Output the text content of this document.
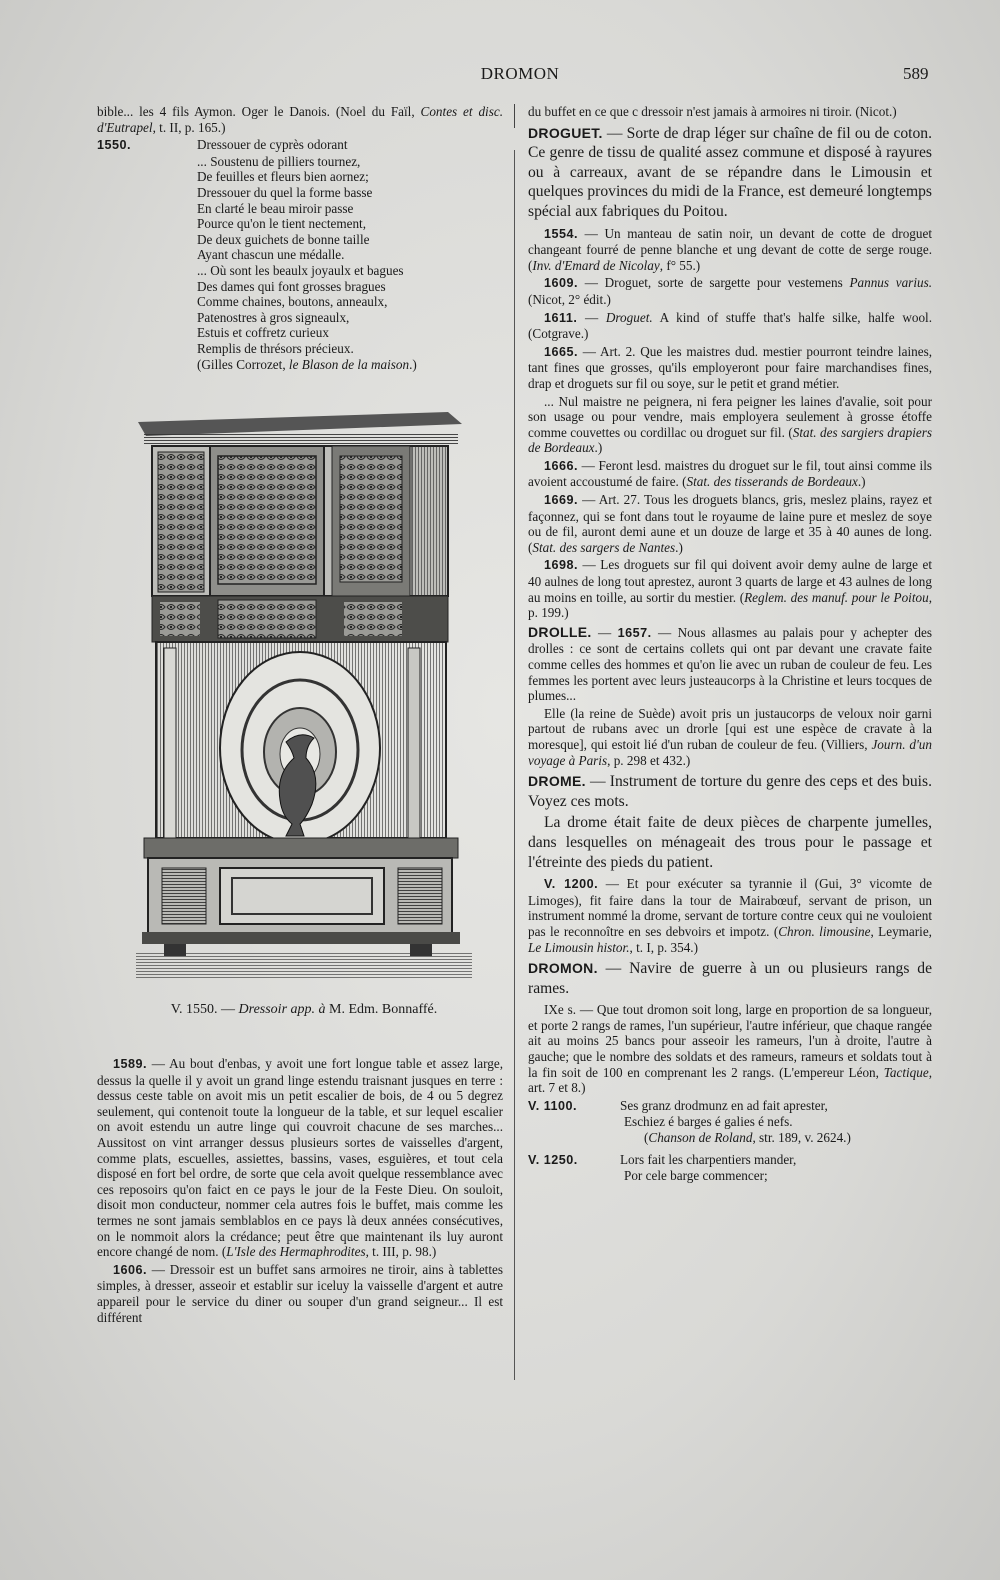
DROMON	589

bible... les 4 fils Aymon. Oger le Danois. (Noel du Faïl, Contes et disc. d'Eutrapel, t. II, p. 165.)

1550.	Dressouer de cyprès odorant
... Soustenu de pilliers tournez,
De feuilles et fleurs bien aornez;
Dressouer du quel la forme basse
En clarté le beau miroir passe
Pource qu'on le tient nectement,
De deux guichets de bonne taille
Ayant chascun une médalle.
... Où sont les beaulx joyaulx et bagues
Des dames qui font grosses bragues
Comme chaines, boutons, anneaulx,
Patenostres à gros signeaulx,
Estuis et coffretz curieux
Remplis de thrésors précieux.
(Gilles Corrozet, le Blason de la maison.)
V. 1550. — Dressoir app. à M. Edm. Bonnaffé.

1589. — Au bout d'enbas, y avoit une fort longue table et assez large, dessus la quelle il y avoit un grand linge estendu traisnant jusques en terre : dessus ceste table on avoit mis un petit escalier de bois, de 4 ou 5 degrez seulement, qui contenoit toute la longueur de la table, et sur lequel escalier on avoit estendu un autre linge qui couvroit chacune de ses marches... Aussitost on vint arranger dessus plusieurs sortes de vaisselles d'argent, comme plats, escuelles, assiettes, bassins, vases, esguières, et tout cela disposé en fort bel ordre, de sorte que cela avoit quelque ressemblance avec ces reposoirs qu'on faict en ce pays le jour de la Feste Dieu. On souloit, disoit mon conducteur, nommer cela autres fois le buffet, mais comme les termes ne sont jamais semblablos en ce pays là deux années consécutives, on le nommoit alors la crédance; peut être que maintenant ils luy auront encore changé de nom. (L'Isle des Hermaphrodites, t. III, p. 98.)

1606. — Dressoir est un buffet sans armoires ne tiroir, ains à tablettes simples, à dresser, asseoir et establir sur iceluy la vaisselle d'argent et autre appareil pour le service du diner ou souper d'un grand seigneur... Il est différent

du buffet en ce que c dressoir n'est jamais à armoires ni tiroir. (Nicot.)

DROGUET. — Sorte de drap léger sur chaîne de fil ou de coton. Ce genre de tissu de qualité assez commune et disposé à rayures ou à carreaux, avant de se répandre dans le Limousin et quelques provinces du midi de la France, est demeuré longtemps spécial aux fabriques du Poitou.

1554. — Un manteau de satin noir, un devant de cotte de droguet changeant fourré de penne blanche et ung devant de cotte de serge rouge. (Inv. d'Emard de Nicolay, f° 55.)

1609. — Droguet, sorte de sargette pour vestemens Pannus varius. (Nicot, 2° édit.)

1611. — Droguet. A kind of stuffe that's halfe silke, halfe wool. (Cotgrave.)

1665. — Art. 2. Que les maistres dud. mestier pourront teindre laines, tant fines que grosses, qu'ils employeront pour faire marchandises fines, drap et droguets sur fil ou soye, sur le petit et grand métier.

... Nul maistre ne peignera, ni fera peigner les laines d'avalie, soit pour son usage ou pour vendre, mais employera seulement à grosse étoffe comme couvettes ou cordillac ou droguet sur fil. (Stat. des sargiers drapiers de Bordeaux.)

1666. — Feront lesd. maistres du droguet sur le fil, tout ainsi comme ils avoient accoustumé de faire. (Stat. des tisserands de Bordeaux.)

1669. — Art. 27. Tous les droguets blancs, gris, meslez plains, rayez et façonnez, qui se font dans tout le royaume de laine pure et meslez de soye ou de fil, auront demi aune et un douze de large et 35 à 40 aunes de long. (Stat. des sargers de Nantes.)

1698. — Les droguets sur fil qui doivent avoir demy aulne de large et 40 aulnes de long tout aprestez, auront 3 quarts de large et 43 aulnes de long au moins en toille, au sortir du mestier. (Reglem. des manuf. pour le Poitou, p. 199.)

DROLLE. — 1657. — Nous allasmes au palais pour y achepter des drolles : ce sont de certains collets qui ont par devant une cravate faite comme celles des hommes et qu'on lie avec un ruban de couleur de feu. Les femmes les portent avec leurs justeaucorps à la Christine et leurs tocques de plumes...

Elle (la reine de Suède) avoit pris un justaucorps de veloux noir garni partout de rubans avec un drorle [qui est une espèce de cravate à la moresque], qui estoit lié d'un ruban de couleur de feu. (Villiers, Journ. d'un voyage à Paris, p. 298 et 432.)

DROME. — Instrument de torture du genre des ceps et des buis. Voyez ces mots.

La drome était faite de deux pièces de charpente jumelles, dans lesquelles on ménageait des trous pour le passage et l'étreinte des pieds du patient.

V. 1200. — Et pour exécuter sa tyrannie il (Gui, 3° vicomte de Limoges), fit faire dans la tour de Mairabœuf, servant de prison, un instrument nommé la drome, servant de torture contre ceux qui ne vouloient pas le reconnoître en ses debvoirs et impotz. (Chron. limousine, Leymarie, Le Limousin histor., t. I, p. 354.)

DROMON. — Navire de guerre à un ou plusieurs rangs de rames.

IXe s. — Que tout dromon soit long, large en proportion de sa longueur, et porte 2 rangs de rames, l'un supérieur, l'autre inférieur, que chaque rangée ait au moins 25 bancs pour asseoir les rameurs, l'un à droite, l'autre à gauche; que le nombre des soldats et des rameurs, rameurs et soldats tout à la fin soit de 100 en comprenant les 2 rangs. (L'empereur Léon, Tactique, art. 7 et 8.)

V. 1100.	Ses granz drodmunz en ad fait aprester,
Eschiez é barges é galies é nefs.
(Chanson de Roland, str. 189, v. 2624.)
V. 1250.	Lors fait les charpentiers mander,
Por cele barge commencer;
